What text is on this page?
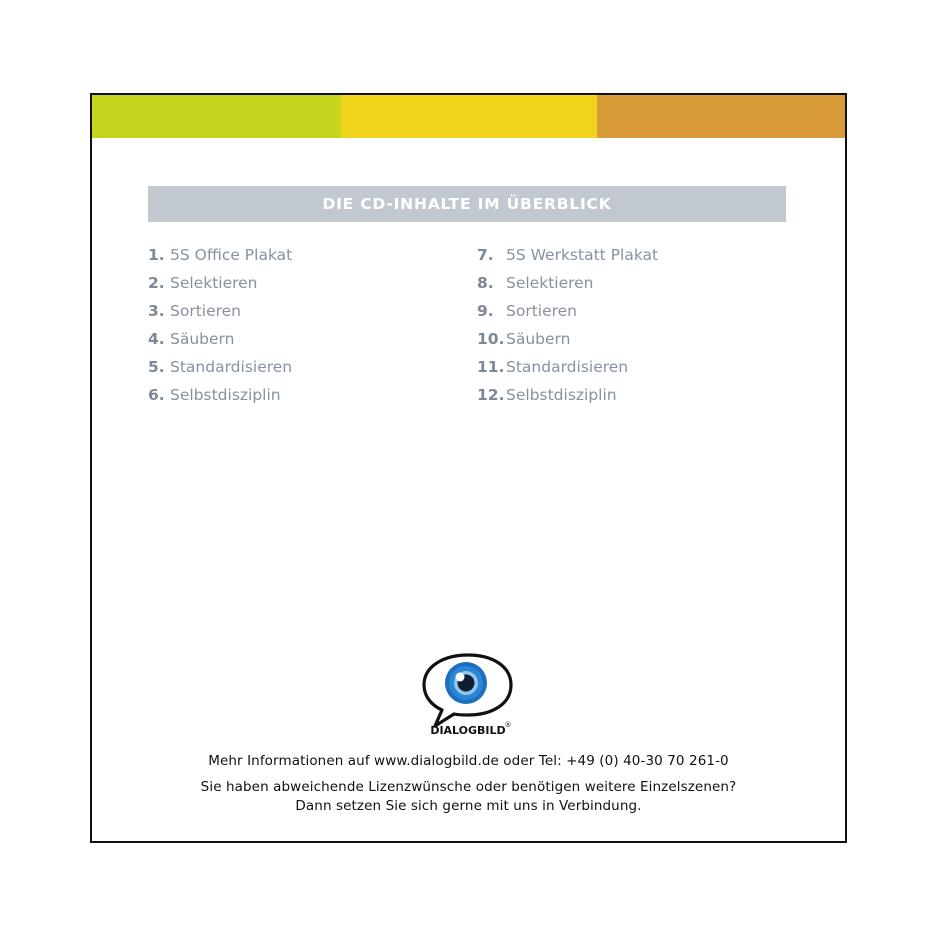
DIE CD-INHALTE IM ÜBERBLICK
1. 5S Office Plakat
2. Selektieren
3. Sortieren
4. Säubern
5. Standardisieren
6. Selbstdisziplin
7. 5S Werkstatt Plakat
8. Selektieren
9. Sortieren
10.Säubern
11.Standardisieren
12.Selbstdisziplin
DIALOGBILD
®
Mehr Informationen auf www.dialogbild.de oder Tel: +49 (0) 40-30 70 261-0
Sie haben abweichende Lizenzwünsche oder benötigen weitere Einzelszenen?
Dann setzen Sie sich gerne mit uns in Verbindung.
